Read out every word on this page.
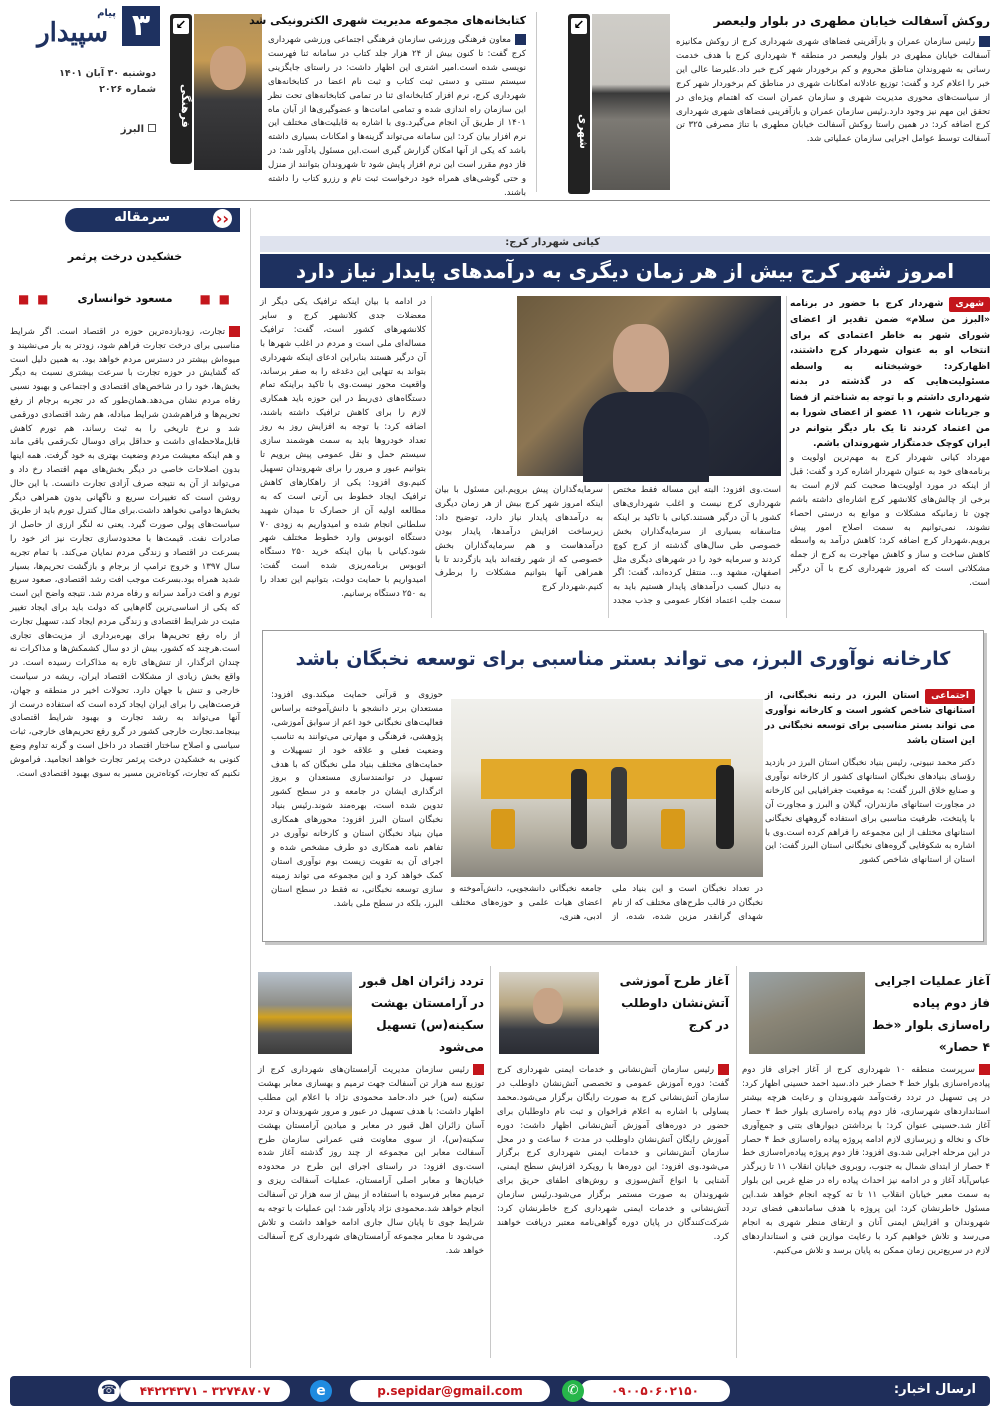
۳
پیام
سپیدار
دوشنبه ۳۰ آبان ۱۴۰۱
شماره ۲۰۲۶
البرز
↙
فرهنگی
کتابخانه‌های مجموعه مدیریت شهری الکترونیکی شد
معاون فرهنگی ورزشی سازمان فرهنگی اجتماعی ورزشی شهرداری کرج گفت: تا کنون بیش از ۲۴ هزار جلد کتاب در سامانه ثنا فهرست نویسی شده است.امیر اشتری این اظهار داشت: در راستای جایگزینی سیستم سنتی و دستی ثبت کتاب و ثبت نام اعضا در کتابخانه‌های شهرداری کرج، نرم افزار کتابخانه‌ای ثنا در تمامی کتابخانه‌های تحت نظر این سازمان راه اندازی شده و تمامی امانت‌ها و عضوگیری‌ها از آبان ماه ۱۴۰۱ از طریق آن انجام می‌گیرد.وی با اشاره به قابلیت‌های مختلف این نرم افزار بیان کرد: این سامانه می‌تواند گزینه‌ها و امکانات بسیاری داشته باشد که یکی از آنها امکان گزارش گیری است.این مسئول یادآور شد: در فاز دوم مقرر است این نرم افزار پایش شود تا شهروندان بتوانند از منزل و حتی گوشی‌های همراه خود درخواست ثبت نام و رزرو کتاب را داشته باشند.
↙
شهری
روکش آسفالت خیابان مطهری در بلوار ولیعصر
رئیس سازمان عمران و بازآفرینی فضاهای شهری شهرداری کرج از روکش مکانیزه آسفالت خیابان مطهری در بلوار ولیعصر در منطقه ۴ شهرداری کرج با هدف خدمت رسانی به شهروندان مناطق محروم و کم برخوردار شهر کرج خبر داد.علیرضا عالی این خبر را اعلام کرد و گفت: توزیع عادلانه امکانات شهری در مناطق کم برخوردار شهر کرج از سیاست‌های محوری مدیریت شهری و سازمان عمران است که اهتمام ویژه‌ای در تحقق این مهم نیز وجود دارد.رئیس سازمان عمران و بازآفرینی فضاهای شهری شهرداری کرج اضافه کرد: در همین راستا روکش آسفالت خیابان مطهری با تناژ مصرفی ۳۲۵ تن آسفالت توسط عوامل اجرایی سازمان عملیاتی شد.
سرمقاله	‹‹
خشکیدن درخت پرثمر
■ ■
مسعود خوانساری
■ ■
تجارت، زودبازده‌ترین حوزه در اقتصاد است. اگر شرایط مناسبی برای درخت تجارت فراهم شود، زودتر به بار می‌نشیند و میوه‌اش بیشتر در دسترس مردم خواهد بود. به همین دلیل است که گشایش در حوزه تجارت با سرعت بیشتری نسبت به دیگر بخش‌ها، خود را در شاخص‌های اقتصادی و اجتماعی و بهبود نسبی رفاه مردم نشان می‌دهد.همان‌طور که در تجربه برجام از رفع تحریم‌ها و فراهم‌شدن شرایط مبادله، هم رشد اقتصادی دورقمی شد و نرخ تاریخی را به ثبت رساند، هم تورم کاهش قابل‌ملاحظه‌ای داشت و حداقل برای دوسال تک‌رقمی باقی ماند و هم اینکه معیشت مردم وضعیت بهتری به خود گرفت. همه اینها بدون اصلاحات خاصی در دیگر بخش‌های مهم اقتصاد رخ داد و می‌تواند از آن به نتیجه صرف آزادی تجارت دانست. با این حال روشن است که تغییرات سریع و ناگهانی بدون همراهی دیگر بخش‌ها دوامی نخواهد داشت.برای مثال کنترل تورم باید از طریق سیاست‌های پولی صورت گیرد. یعنی نه لنگر ارزی از حاصل از صادرات نفت. قیمت‌ها با محدودسازی تجارت نیز اثر خود را بسرعت در اقتصاد و زندگی مردم نمایان می‌کند. با تمام تجربه سال ۱۳۹۷ و خروج ترامپ از برجام و بازگشت تحریم‌ها، بسیار شدید همراه بود.بسرعت موجب افت رشد اقتصادی، صعود سریع تورم و افت درآمد سرانه و رفاه مردم شد. نتیجه واضح این است که یکی از اساسی‌ترین گام‌هایی که دولت باید برای ایجاد تغییر مثبت در شرایط اقتصادی و زندگی مردم ایجاد کند، تسهیل تجارت از راه رفع تحریم‌ها برای بهره‌برداری از مزیت‌های تجاری است.هرچند که کشور، بیش از دو سال کشمکش‌ها و مذاکرات نه چندان اثرگذار، از تنش‌های تازه به مذاکرات رسیده است. در واقع بخش زیادی از مشکلات اقتصاد ایران، ریشه در سیاست خارجی و تنش با جهان دارد. تحولات اخیر در منطقه و جهان، فرصت‌هایی را برای ایران ایجاد کرده است که استفاده درست از آنها می‌تواند به رشد تجارت و بهبود شرایط اقتصادی بینجامد.تجارت خارجی کشور در گرو رفع تحریم‌های خارجی، ثبات سیاسی و اصلاح ساختار اقتصاد در داخل است و گرنه تداوم وضع کنونی به خشکیدن درخت پرثمر تجارت خواهد انجامید. فراموش نکنیم که تجارت، کوتاه‌ترین مسیر به سوی بهبود اقتصادی است.
کیانی شهردار کرج:
امروز شهر کرج بیش از هر زمان دیگری به درآمدهای پایدار نیاز دارد
شهری شهردار کرج با حضور در برنامه «البرز من سلام» ضمن تقدیر از اعضای شورای شهر به خاطر اعتمادی که برای انتخاب او به عنوان شهردار کرج داشتند، اظهارکرد: خوشبختانه به واسطه مسئولیت‌هایی که در گذشته در بدنه شهرداری داشتم و با توجه به شناختم از فضا و جریانات شهر، ۱۱ عضو از اعضای شورا به من اعتماد کردند تا یک بار دیگر بتوانم در ایران کوچک خدمتگزار شهروندان باشم.
مهرداد کیانی شهردار کرج به مهم‌ترین اولویت و برنامه‌های خود به عنوان شهردار اشاره کرد و گفت: قبل از اینکه در مورد اولویت‌ها صحبت کنم لازم است به برخی از چالش‌های کلانشهر کرج اشاره‌ای داشته باشم چون تا زمانیکه مشکلات و موانع به درستی احصاء نشوند، نمی‌توانیم به سمت اصلاح امور پیش برویم.شهردار کرج اضافه کرد: کاهش درآمد به واسطه کاهش ساخت و ساز و کاهش مهاجرت به کرج از جمله مشکلاتی است که امروز شهرداری کرج با آن درگیر است.
است.وی افزود: البته این مساله فقط مختص شهرداری کرج نیست و اغلب شهرداری‌های کشور با آن درگیر هستند.کیانی با تاکید بر اینکه متاسفانه بسیاری از سرمایه‌گذاران بخش خصوصی طی سال‌های گذشته از کرج کوچ کردند و سرمایه خود را در شهرهای دیگری مثل اصفهان، مشهد و... منتقل کرده‌اند، گفت: اگر به دنبال کسب درآمدهای پایدار هستیم باید به سمت جلب اعتماد افکار عمومی و جذب مجدد سرمایه‌گذاران پیش برویم.این مسئول با بیان اینکه امروز شهر کرج بیش از هر زمان دیگری به درآمدهای پایدار نیاز دارد، توضیح داد: زیرساخت افزایش درآمدها، پایدار بودن درآمدهاست و هم سرمایه‌گذاران بخش خصوصی که از شهر رفته‌اند باید بازگردند تا با همراهی آنها بتوانیم مشکلات را برطرف کنیم.شهردار کرج
در ادامه با بیان اینکه ترافیک یکی دیگر از معضلات جدی کلانشهر کرج و سایر کلانشهرهای کشور است، گفت: ترافیک مساله‌ای ملی است و مردم در اغلب شهرها با آن درگیر هستند بنابراین ادعای اینکه شهرداری بتواند به تنهایی این دغدغه را به صفر برساند، واقعیت محور نیست.وی با تاکید براینکه تمام دستگاه‌های ذی‌ربط در این حوزه باید همکاری لازم را برای کاهش ترافیک داشته باشند، اضافه کرد: با توجه به افزایش روز به روز تعداد خودروها باید به سمت هوشمند سازی سیستم حمل و نقل عمومی پیش برویم تا بتوانیم عبور و مرور را برای شهروندان تسهیل کنیم.وی افزود: یکی از راهکارهای کاهش ترافیک ایجاد خطوط بی آرتی است که به مطالعه اولیه آن از حصارک تا میدان شهید سلطانی انجام شده و امیدواریم به زودی ۷۰ دستگاه اتوبوس وارد خطوط مختلف شهر شود.کیانی با بیان اینکه خرید ۲۵۰ دستگاه اتوبوس برنامه‌ریزی شده است گفت: امیدواریم با حمایت دولت، بتوانیم این تعداد را به ۲۵۰ دستگاه برسانیم.
کارخانه نوآوری البرز، می تواند بستر مناسبی برای توسعه نخبگان باشد
اجتماعی استان البرز، در رتبه نخبگانی، از استانهای شاخص کشور است و کارخانه نوآوری می تواند بستر مناسبی برای توسعه نخبگانی در این استان باشد
دکتر محمد نبیونی، رئیس بنیاد نخبگان استان البرز در بازدید رؤسای بنیادهای نخبگان استانهای کشور از کارخانه نوآوری و صنایع خلاق البرز گفت: به موقعیت جغرافیایی این کارخانه در مجاورت استانهای مازندران، گیلان و البرز و مجاورت آن با پایتخت، ظرفیت مناسبی برای استفاده گروههای نخبگانی استانهای مختلف از این مجموعه را فراهم کرده است.وی با اشاره به شکوفایی گروه‌های نخبگانی استان البرز گفت: این استان از استانهای شاخص کشور
در تعداد نخبگان است و این بنیاد ملی نخبگان در قالب طرح‌های مختلف که از نام شهدای گرانقدر مزین شده، شده، از جامعه نخبگانی دانشجویی، دانش‌آموخته و اعضای هیات علمی و حوزه‌های مختلف ادبی، هنری،
حوزوی و قرآنی حمایت میکند.وی افزود: مستعدان برتر دانشجو با دانش‌آموخته براساس فعالیت‌های نخبگانی خود اعم از سوابق آموزشی، پژوهشی، فرهنگی و مهارتی می‌توانند به تناسب وضعیت فعلی و علاقه خود از تسهیلات و حمایت‌های مختلف بنیاد ملی نخبگان که با هدف تسهیل در توانمندسازی مستعدان و بروز اثرگذاری ایشان در جامعه و در سطح کشور تدوین شده است، بهره‌مند شوند.رئیس بنیاد نخبگان استان البرز افزود: محورهای همکاری میان بنیاد نخبگان استان و کارخانه نوآوری در تفاهم نامه همکاری دو طرف مشخص شده و اجرای آن به تقویت زیست بوم نوآوری استان کمک خواهد کرد و این مجموعه می تواند زمینه سازی توسعه نخبگانی، نه فقط در سطح استان البرز، بلکه در سطح ملی باشد.
آغاز عملیات اجرایی فاز دوم پیاده راه‌سازی بلوار «خط ۴ حصار»
سرپرست منطقه ۱۰ شهرداری کرج از آغاز اجرای فاز دوم پیاده‌راه‌سازی بلوار خط ۴ حصار خبر داد.سید احمد حسینی اظهار کرد: در پی تسهیل در تردد رفت‌وآمد شهروندان و رعایت هرچه بیشتر استانداردهای شهرسازی، فاز دوم پیاده راه‌سازی بلوار خط ۴ حصار آغاز شد.حسینی عنوان کرد: با برداشتن دیوارهای بتنی و جمع‌آوری خاک و نخاله و زیرسازی لازم ادامه پروژه پیاده راه‌سازی خط ۴ حصار در این مرحله اجرایی شد.وی افزود: فاز دوم پروژه پیاده‌راه‌سازی خط ۴ حصار از ابتدای شمال به جنوب، روبروی خیابان انقلاب ۱۱ تا زیرگذر عباس‌آباد آغاز و در ادامه نیز احداث پیاده راه در ضلع غربی این بلوار به سمت معبر خیابان انقلاب ۱۱ تا ته کوچه انجام خواهد شد.این مسئول خاطرنشان کرد: این پروژه با هدف ساماندهی فضای تردد شهروندان و افزایش ایمنی آنان و ارتقای منظر شهری به انجام می‌رسد و تلاش خواهیم کرد با رعایت موازین فنی و استانداردهای لازم در سریع‌ترین زمان ممکن به پایان برسد و تلاش می‌کنیم.
آغاز طرح آموزشی آتش‌نشان داوطلب در کرج
رئیس سازمان آتش‌نشانی و خدمات ایمنی شهرداری کرج گفت: دوره آموزش عمومی و تخصصی آتش‌نشان داوطلب در سازمان آتش‌نشانی کرج به صورت رایگان برگزار می‌شود.محمد یساولی با اشاره به اعلام فراخوان و ثبت نام داوطلبان برای حضور در دوره‌های آموزش آتش‌نشانی اظهار داشت: دوره آموزش رایگان آتش‌نشان داوطلب در مدت ۶ ساعت و در محل سازمان آتش‌نشانی و خدمات ایمنی شهرداری کرج برگزار می‌شود.وی افزود: این دوره‌ها با رویکرد افزایش سطح ایمنی، آشنایی با انواع آتش‌سوزی و روش‌های اطفای حریق برای شهروندان به صورت مستمر برگزار می‌شود.رئیس سازمان آتش‌نشانی و خدمات ایمنی شهرداری کرج خاطرنشان کرد: شرکت‌کنندگان در پایان دوره گواهی‌نامه معتبر دریافت خواهند کرد.
تردد زائران اهل قبور در آرامستان بهشت سکینه(س) تسهیل می‌شود
رئیس سازمان مدیریت آرامستان‌های شهرداری کرج از توزیع سه هزار تن آسفالت جهت ترمیم و بهسازی معابر بهشت سکینه (س) خبر داد.حامد محمودی نژاد با اعلام این مطلب اظهار داشت: با هدف تسهیل در عبور و مرور شهروندان و تردد آسان زائران اهل قبور در معابر و میادین آرامستان بهشت سکینه(س)، از سوی معاونت فنی عمرانی سازمان طرح آسفالت معابر این مجموعه از چند روز گذشته آغاز شده است.وی افزود: در راستای اجرای این طرح در محدوده خیابان‌ها و معابر اصلی آرامستان، عملیات آسفالت ریزی و ترمیم معابر فرسوده با استفاده از بیش از سه هزار تن آسفالت انجام خواهد شد.محمودی نژاد یادآور شد: این عملیات با توجه به شرایط جوی تا پایان سال جاری ادامه خواهد داشت و تلاش می‌شود تا معابر مجموعه آرامستان‌های شهرداری کرج آسفالت خواهد شد.
ارسال اخبار:
۰۹۰۰۵۰۶۰۲۱۵۰
✆
p.sepidar@gmail.com
e
۳۲۷۴۸۷۰۷ - ۴۴۲۲۴۳۷۱
☎
